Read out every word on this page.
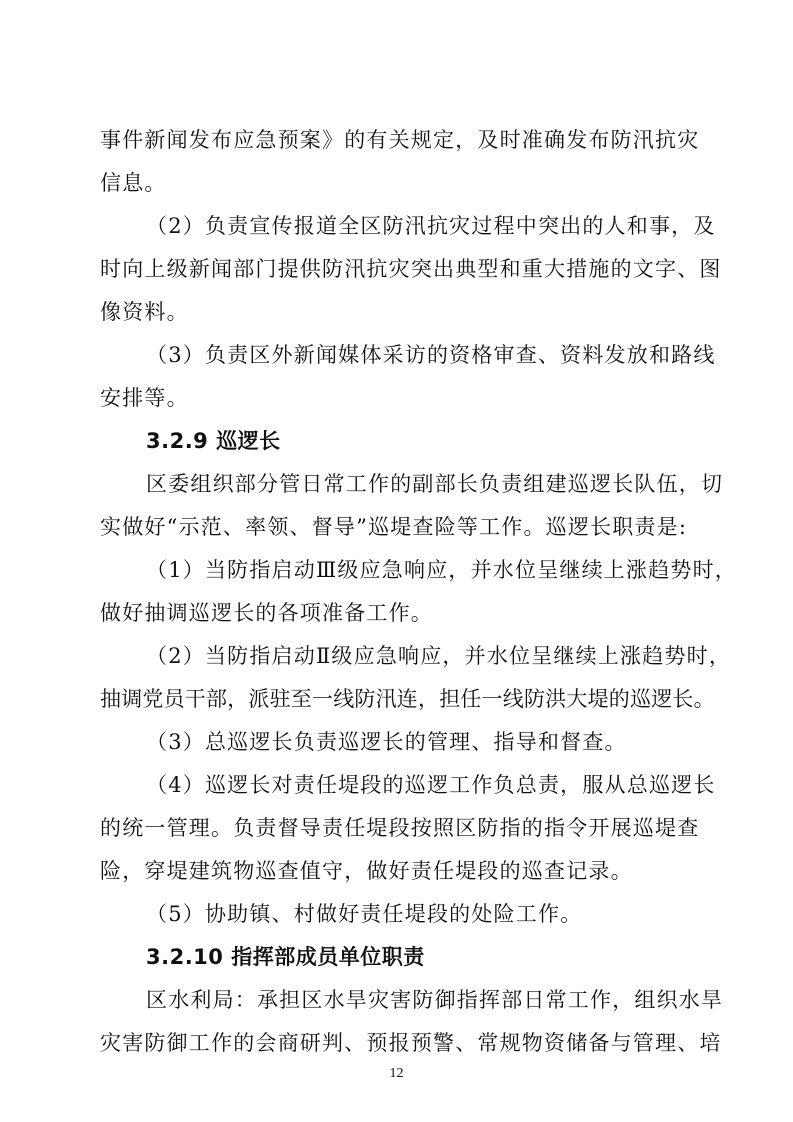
事件新闻发布应急预案》的有关规定，及时准确发布防汛抗灾
信息。
（2）负责宣传报道全区防汛抗灾过程中突出的人和事，及
时向上级新闻部门提供防汛抗灾突出典型和重大措施的文字、图
像资料。
（3）负责区外新闻媒体采访的资格审查、资料发放和路线
安排等。
3.2.9 巡逻长
区委组织部分管日常工作的副部长负责组建巡逻长队伍，切
实做好“示范、率领、督导”巡堤查险等工作。巡逻长职责是:
（1）当防指启动Ⅲ级应急响应，并水位呈继续上涨趋势时，
做好抽调巡逻长的各项准备工作。
（2）当防指启动Ⅱ级应急响应，并水位呈继续上涨趋势时，
抽调党员干部，派驻至一线防汛连，担任一线防洪大堤的巡逻长。
（3）总巡逻长负责巡逻长的管理、指导和督查。
（4）巡逻长对责任堤段的巡逻工作负总责，服从总巡逻长
的统一管理。负责督导责任堤段按照区防指的指令开展巡堤查
险，穿堤建筑物巡查值守，做好责任堤段的巡查记录。
（5）协助镇、村做好责任堤段的处险工作。
3.2.10 指挥部成员单位职责
区水利局：承担区水旱灾害防御指挥部日常工作，组织水旱
灾害防御工作的会商研判、预报预警、常规物资储备与管理、培
12
